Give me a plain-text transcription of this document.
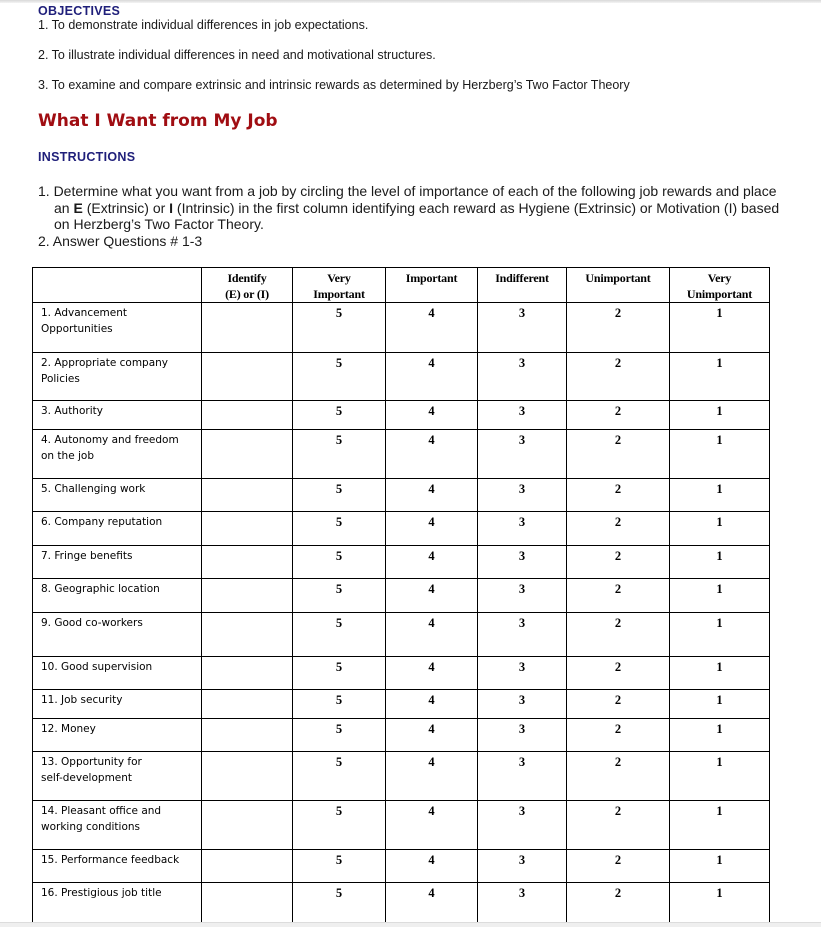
OBJECTIVES
1. To demonstrate individual differences in job expectations.
2. To illustrate individual differences in need and motivational structures.
3. To examine and compare extrinsic and intrinsic rewards as determined by Herzberg’s Two Factor Theory
What I Want from My Job
INSTRUCTIONS
1. Determine what you want from a job by circling the level of importance of each of the following job rewards and place
an E (Extrinsic) or I (Intrinsic) in the first column identifying each reward as Hygiene (Extrinsic) or Motivation (I) based
on Herzberg’s Two Factor Theory.
2. Answer Questions # 1-3
	Identify
(E) or (I)	Very
Important	Important	Indifferent	Unimportant	Very
Unimportant
1. Advancement
Opportunities		5	4	3	2	1
2. Appropriate company
Policies		5	4	3	2	1
3. Authority		5	4	3	2	1
4. Autonomy and freedom
on the job		5	4	3	2	1
5. Challenging work		5	4	3	2	1
6. Company reputation		5	4	3	2	1
7. Fringe benefits		5	4	3	2	1
8. Geographic location		5	4	3	2	1
9. Good co-workers		5	4	3	2	1
10. Good supervision		5	4	3	2	1
11. Job security		5	4	3	2	1
12. Money		5	4	3	2	1
13. Opportunity for
self-development		5	4	3	2	1
14. Pleasant office and
working conditions		5	4	3	2	1
15. Performance feedback		5	4	3	2	1
16. Prestigious job title		5	4	3	2	1
